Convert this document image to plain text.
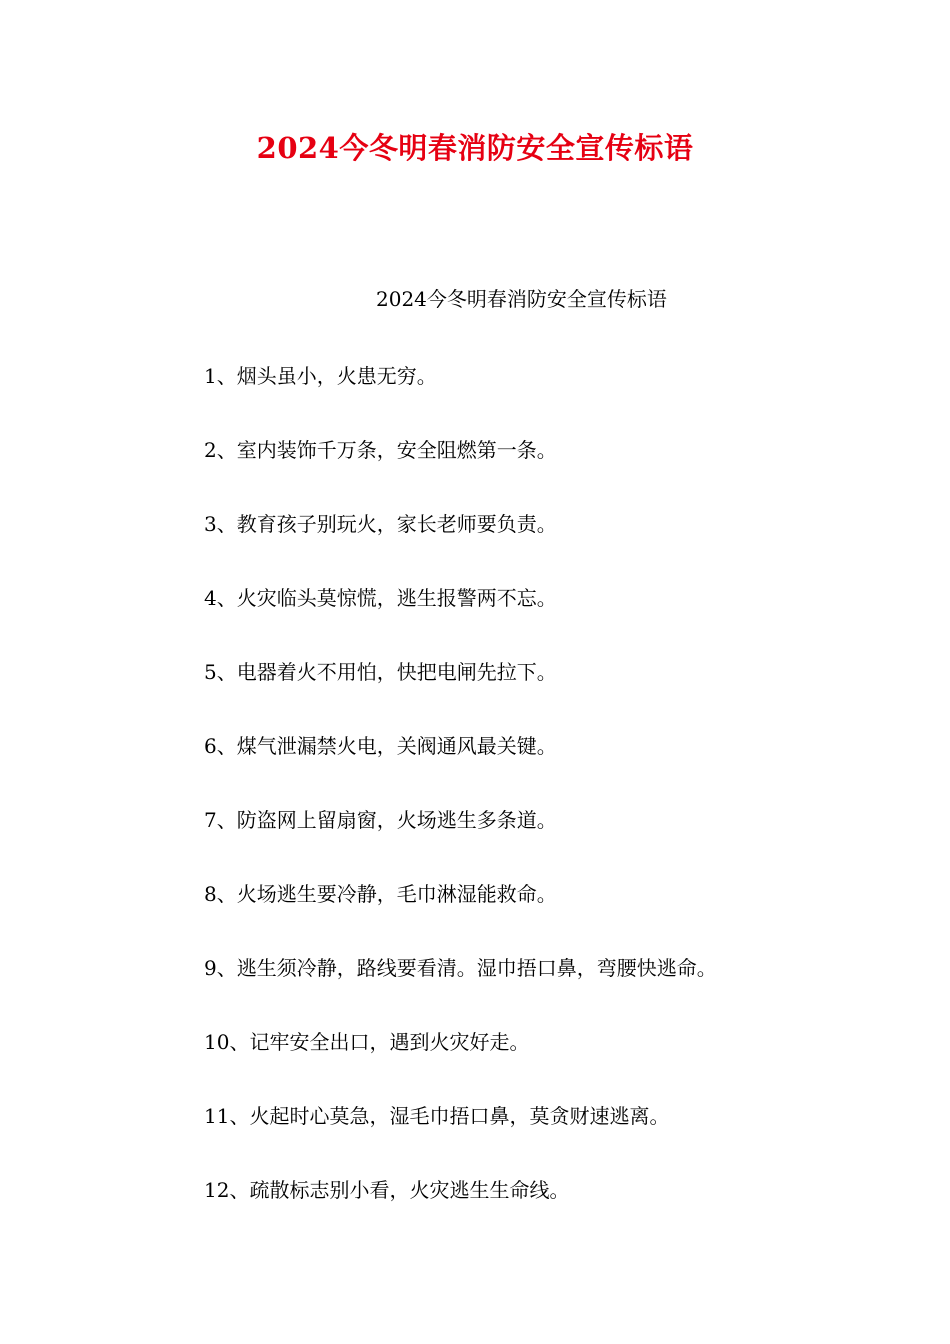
2024今冬明春消防安全宣传标语
2024今冬明春消防安全宣传标语
1、烟头虽小，火患无穷。
2、室内装饰千万条，安全阻燃第一条。
3、教育孩子别玩火，家长老师要负责。
4、火灾临头莫惊慌，逃生报警两不忘。
5、电器着火不用怕，快把电闸先拉下。
6、煤气泄漏禁火电，关阀通风最关键。
7、防盗网上留扇窗，火场逃生多条道。
8、火场逃生要冷静，毛巾淋湿能救命。
9、逃生须冷静，路线要看清。湿巾捂口鼻，弯腰快逃命。
10、记牢安全出口，遇到火灾好走。
11、火起时心莫急，湿毛巾捂口鼻，莫贪财速逃离。
12、疏散标志别小看，火灾逃生生命线。
